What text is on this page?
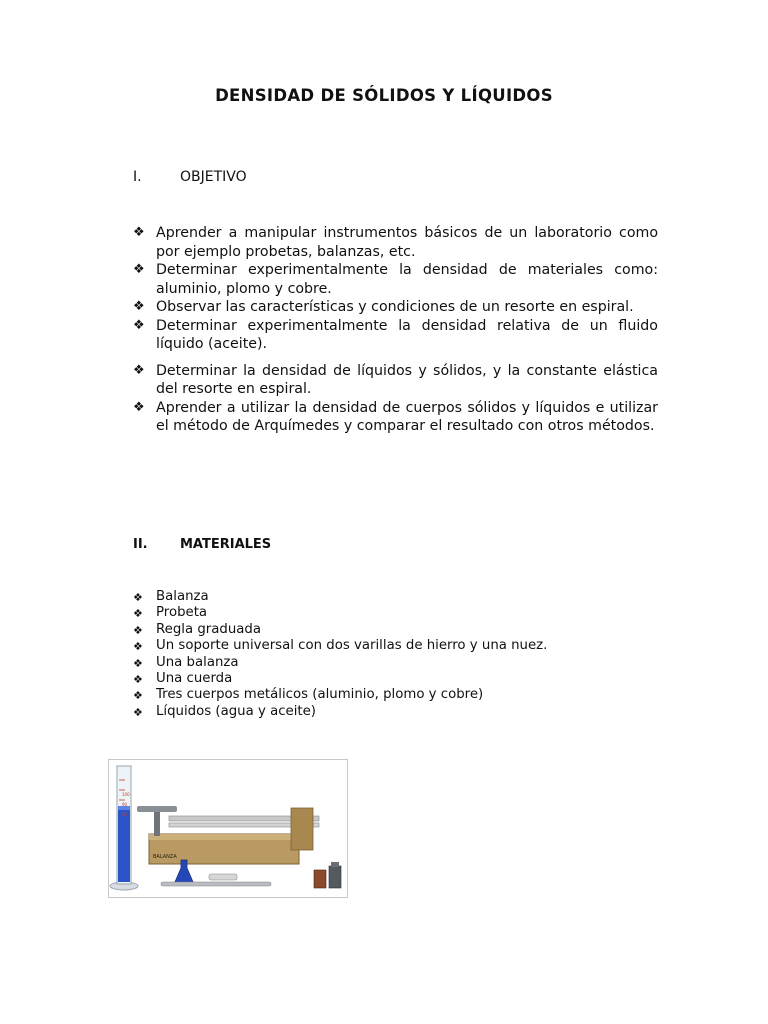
DENSIDAD DE SÓLIDOS Y LÍQUIDOS
I.	OBJETIVO
❖ Aprender a manipular instrumentos básicos de un laboratorio como por ejemplo probetas, balanzas, etc.
❖ Determinar experimentalmente la densidad de materiales como: aluminio, plomo y cobre.
❖ Observar las características y condiciones de un resorte en espiral.
❖ Determinar experimentalmente la densidad relativa de un fluido líquido (aceite).
❖ Determinar la densidad de líquidos y sólidos, y la constante elástica del resorte en espiral.
❖ Aprender a utilizar la densidad de cuerpos sólidos y líquidos e utilizar el método de Arquímedes y comparar el resultado con otros métodos.
II. MATERIALES
❖ Balanza
❖ Probeta
❖ Regla graduada
❖ Un soporte universal con dos varillas de hierro y una nuez.
❖ Una balanza
❖ Una cuerda
❖ Tres cuerpos metálicos (aluminio, plomo y cobre)
❖ Líquidos (agua y aceite)
100
90
80
BALANZA
